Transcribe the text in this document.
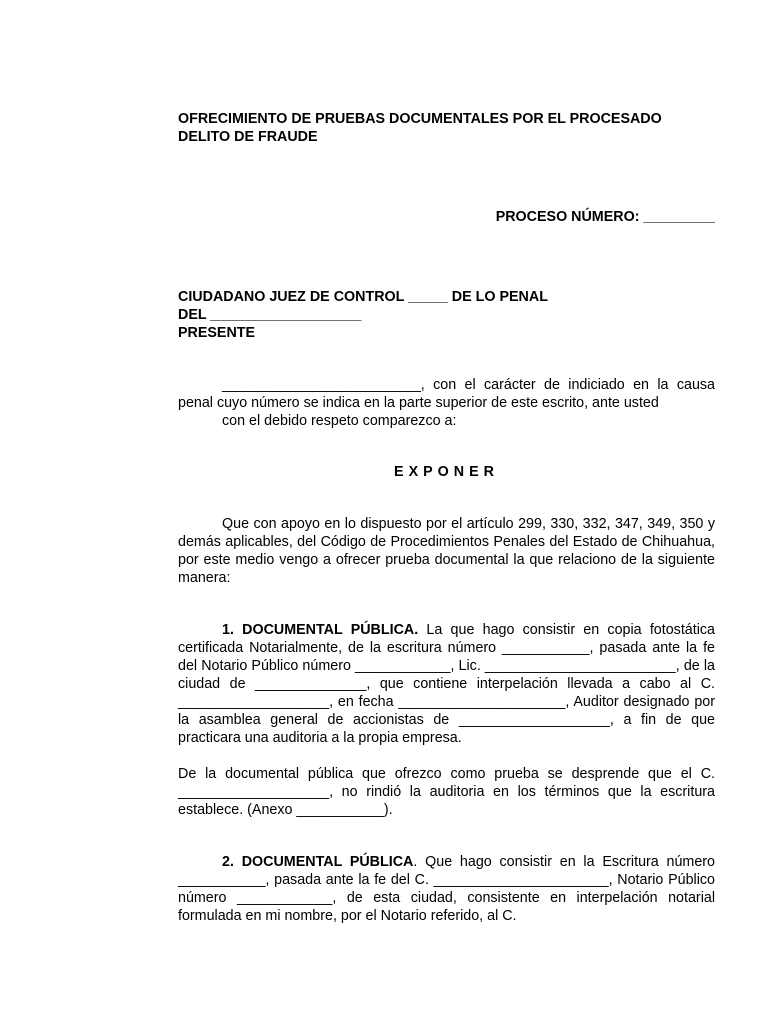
OFRECIMIENTO DE PRUEBAS DOCUMENTALES POR EL PROCESADO
DELITO DE FRAUDE
PROCESO NÚMERO: _________
CIUDADANO JUEZ DE CONTROL _____ DE LO PENAL
DEL ___________________
PRESENTE
_________________________, con el carácter de indiciado en la causa
penal cuyo número se indica en la parte superior de este escrito, ante usted
con el debido respeto comparezco a:
EXPONER
Que con apoyo en lo dispuesto por el artículo 299, 330, 332, 347, 349, 350 y demás aplicables, del Código de Procedimientos Penales del Estado de Chihuahua, por este medio vengo a ofrecer prueba documental la que relaciono de la siguiente manera:
1. DOCUMENTAL PÚBLICA. La que hago consistir en copia fotostática certificada Notarialmente, de la escritura número ___________, pasada ante la fe del Notario Público número ____________, Lic. ________________________, de la ciudad de ______________, que contiene interpelación llevada a cabo al C. ___________________, en fecha _____________________, Auditor designado por la asamblea general de accionistas de ___________________, a fin de que practicara una auditoria a la propia empresa.
De la documental pública que ofrezco como prueba se desprende que el C. ___________________, no rindió la auditoria en los términos que la escritura establece. (Anexo ___________).
2. DOCUMENTAL PÚBLICA. Que hago consistir en la Escritura número ___________, pasada ante la fe del C. ______________________, Notario Público número ____________, de esta ciudad, consistente en interpelación notarial formulada en mi nombre, por el Notario referido, al C.
